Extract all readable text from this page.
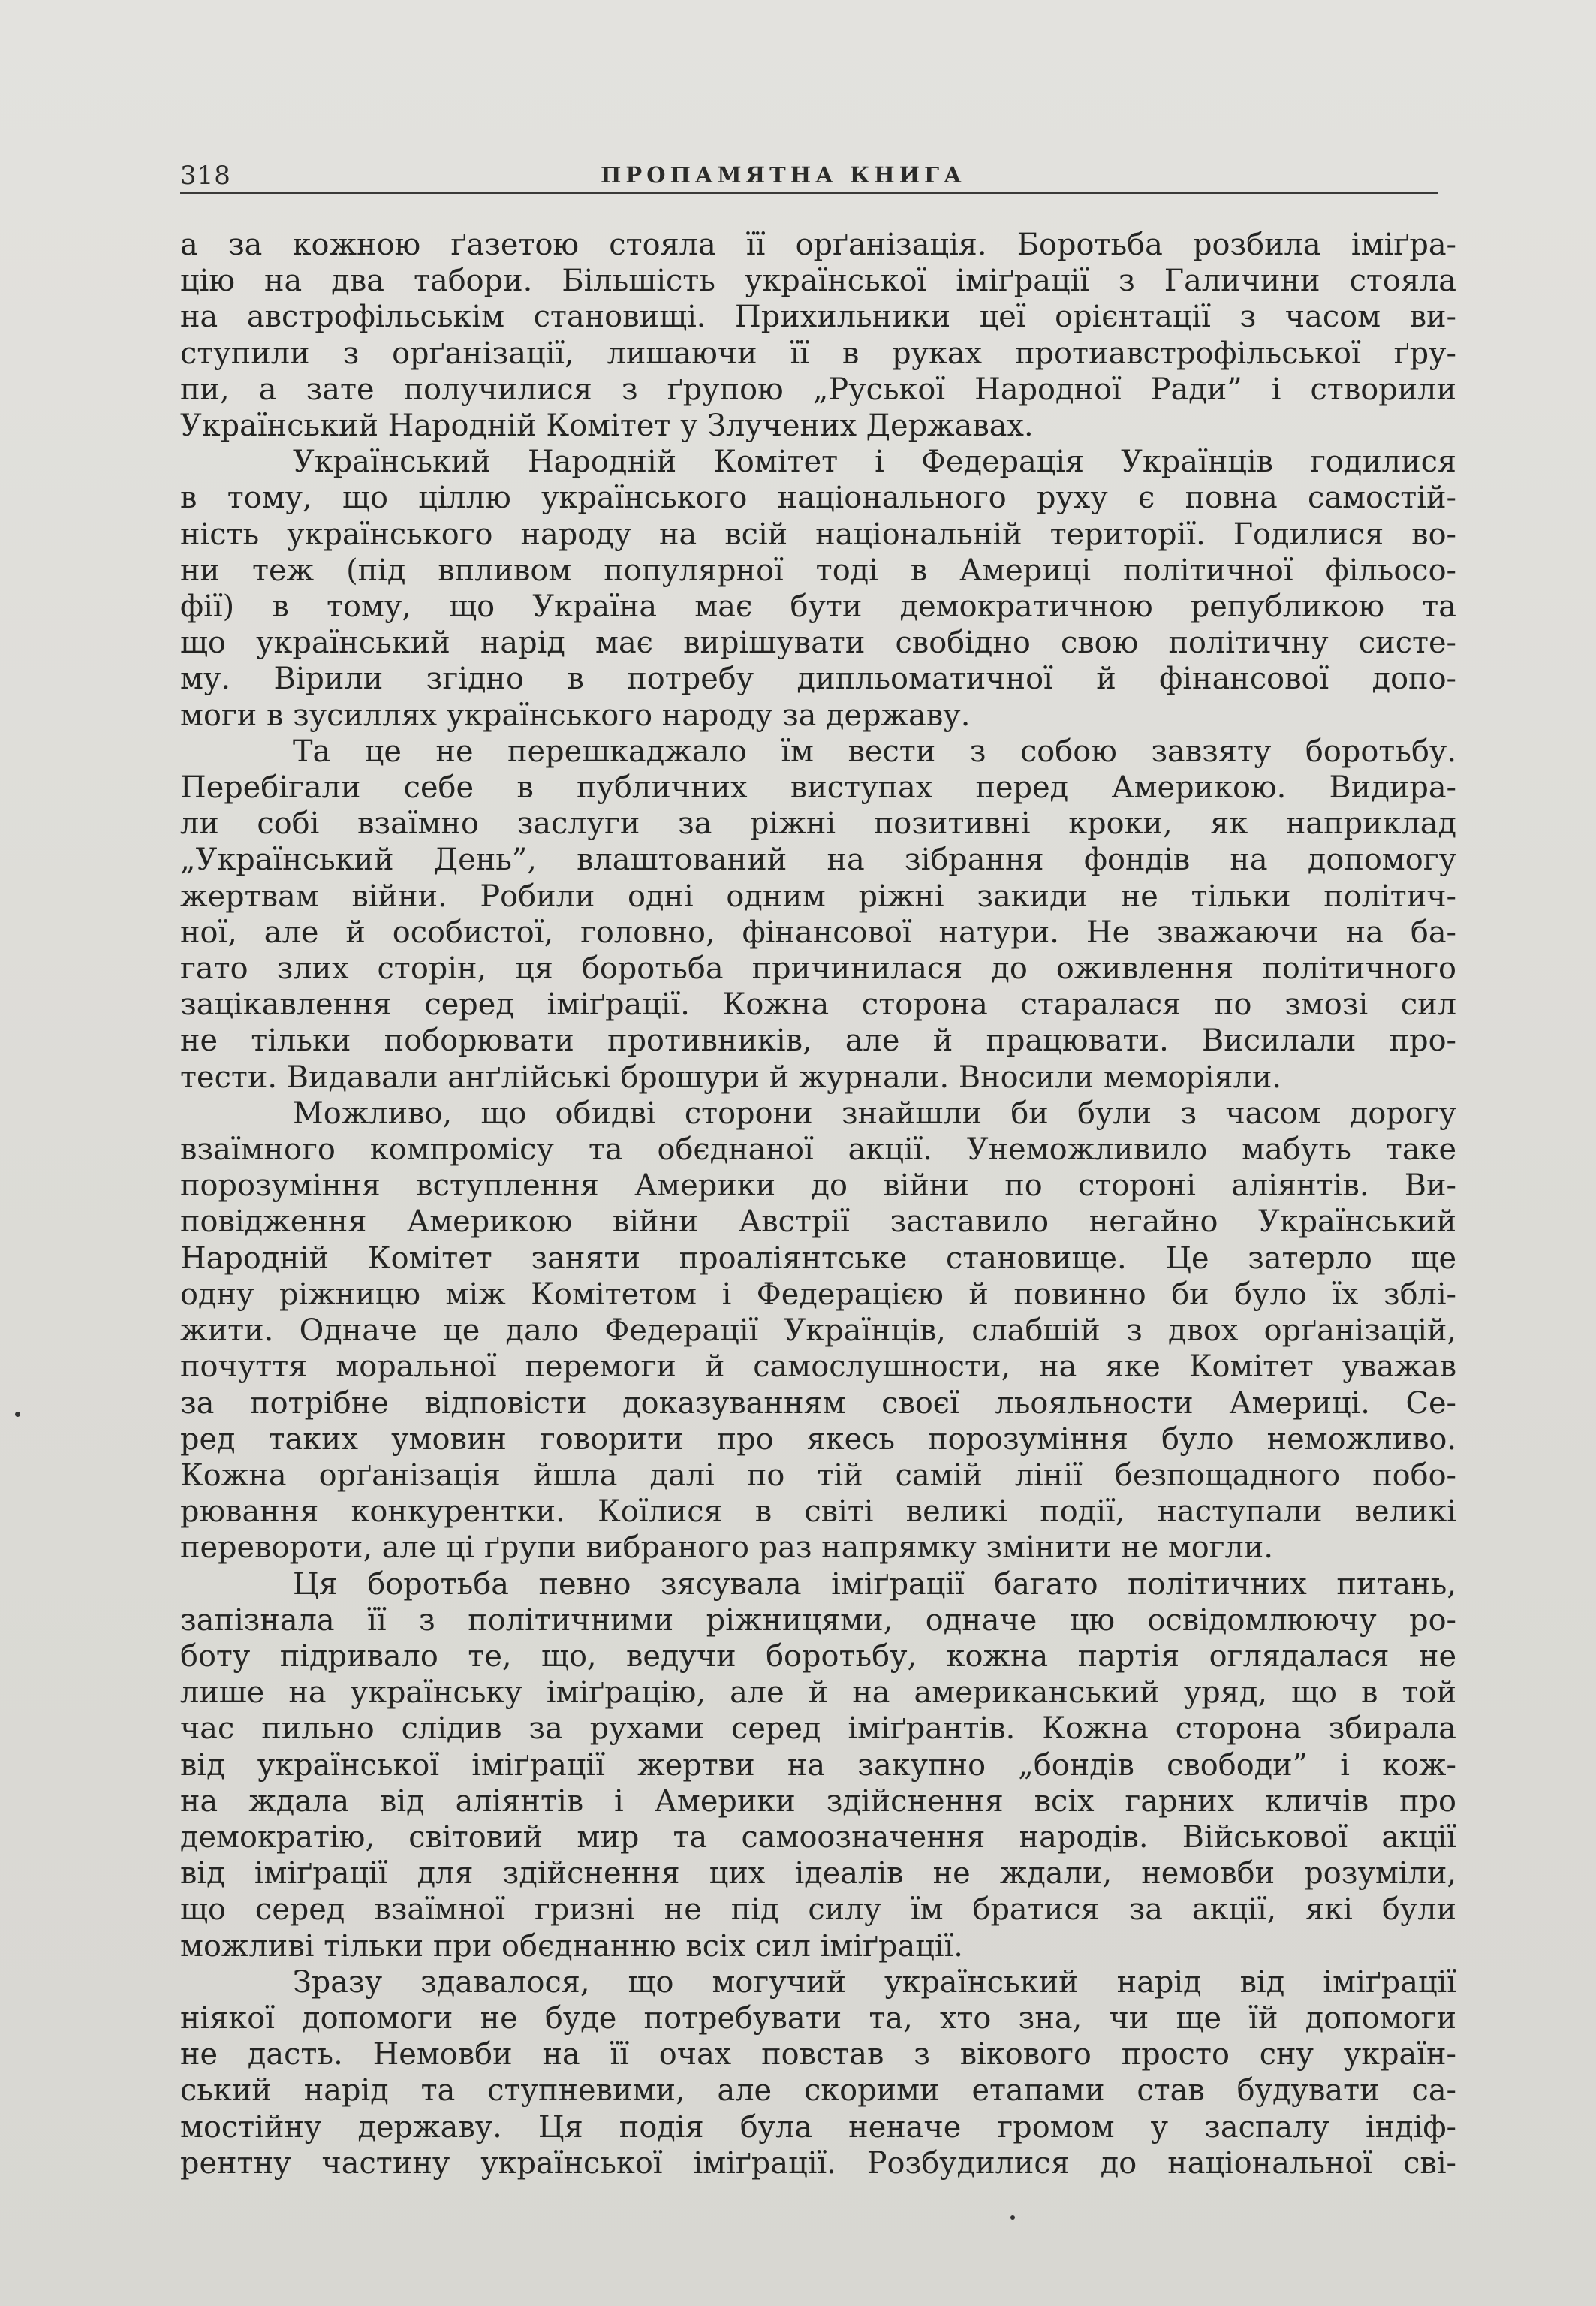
318	ПРОПАМЯТНА КНИГА

а за кожною ґазетою стояла її орґанізація. Боротьба розбила іміґра-

цію на два табори. Більшість української іміґрації з Галичини стояла

на австрофільськім становищі. Прихильники цеї орієнтації з часом ви-

ступили з орґанізації, лишаючи її в руках протиавстрофільської ґру-

пи, а зате получилися з ґрупою „Руської Народної Ради” і створили

Український Народній Комітет у Злучених Державах.

Український Народній Комітет і Федерація Українців годилися

в тому, що ціллю українського національного руху є повна самостій-

ність українського народу на всій національній території. Годилися во-

ни теж (під впливом популярної тоді в Америці політичної фільосо-

фії) в тому, що Україна має бути демократичною републикою та

що український нарід має вирішувати свобідно свою політичну систе-

му. Вірили згідно в потребу дипльоматичної й фінансової допо-

моги в зусиллях українського народу за державу.

Та це не перешкаджало їм вести з собою завзяту боротьбу.

Перебігали себе в публичних виступах перед Америкою. Видира-

ли собі взаїмно заслуги за ріжні позитивні кроки, як наприклад

„Український День”, влаштований на зібрання фондів на допомогу

жертвам війни. Робили одні одним ріжні закиди не тільки політич-

ної, але й особистої, головно, фінансової натури. Не зважаючи на ба-

гато злих сторін, ця боротьба причинилася до оживлення політичного

зацікавлення серед іміґрації. Кожна сторона старалася по змозі сил

не тільки поборювати противників, але й працювати. Висилали про-

тести. Видавали анґлійські брошури й журнали. Вносили меморіяли.

Можливо, що обидві сторони знайшли би були з часом дорогу

взаїмного компромісу та обєднаної акції. Унеможливило мабуть таке

порозуміння вступлення Америки до війни по стороні аліянтів. Ви-

повідження Америкою війни Австрії заставило негайно Український

Народній Комітет заняти проаліянтське становище. Це затерло ще

одну ріжницю між Комітетом і Федерацією й повинно би було їх зблі-

жити. Одначе це дало Федерації Українців, слабшій з двох орґанізацій,

почуття моральної перемоги й самослушности, на яке Комітет уважав

за потрібне відповісти доказуванням своєї льояльности Америці. Се-

ред таких умовин говорити про якесь порозуміння було неможливо.

Кожна орґанізація йшла далі по тій самій лінії безпощадного побо-

рювання конкурентки. Коїлися в світі великі події, наступали великі

перевороти, але ці ґрупи вибраного раз напрямку змінити не могли.

Ця боротьба певно зясувала іміґрації багато політичних питань,

запізнала її з політичними ріжницями, одначе цю освідомлюючу ро-

боту підривало те, що, ведучи боротьбу, кожна партія оглядалася не

лише на українську іміґрацію, але й на американський уряд, що в той

час пильно слідив за рухами серед іміґрантів. Кожна сторона збирала

від української іміґрації жертви на закупно „бондів свободи” і кож-

на ждала від аліянтів і Америки здійснення всіх гарних кличів про

демократію, світовий мир та самоозначення народів. Військової акції

від іміґрації для здійснення цих ідеалів не ждали, немовби розуміли,

що серед взаїмної гризні не під силу їм братися за акції, які були

можливі тільки при обєднанню всіх сил іміґрації.

Зразу здавалося, що могучий український нарід від іміґрації

ніякої допомоги не буде потребувати та, хто зна, чи ще їй допомоги

не дасть. Немовби на її очах повстав з вікового просто сну україн-

ський нарід та ступневими, але скорими етапами став будувати са-

мостійну державу. Ця подія була неначе громом у заспалу індіф-

рентну частину української іміґрації. Розбудилися до національної сві-
